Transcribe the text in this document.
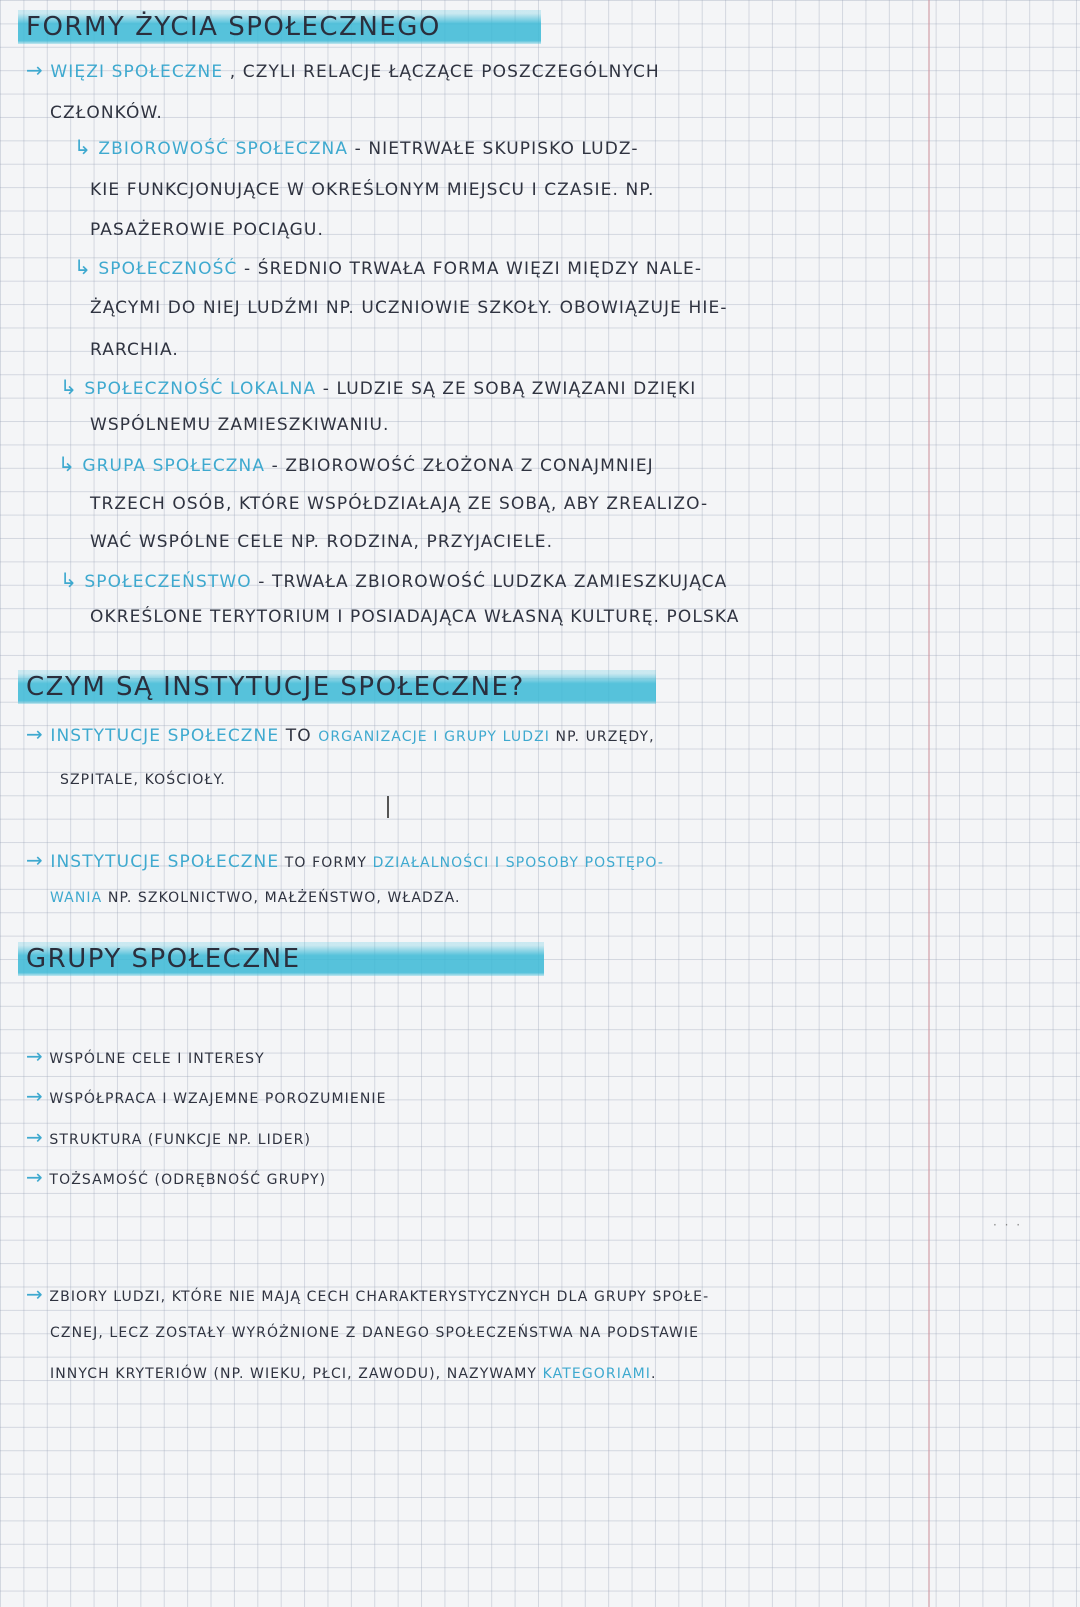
FORMY ŻYCIA SPOŁECZNEGO
→ WIĘZI SPOŁECZNE , CZYLI RELACJE ŁĄCZĄCE POSZCZEGÓLNYCH
CZŁONKÓW.
↳ ZBIOROWOŚĆ SPOŁECZNA - NIETRWAŁE SKUPISKO LUDZ-
KIE FUNKCJONUJĄCE W OKREŚLONYM MIEJSCU I CZASIE. NP.
PASAŻEROWIE POCIĄGU.
↳ SPOŁECZNOŚĆ - ŚREDNIO TRWAŁA FORMA WIĘZI MIĘDZY NALE-
ŻĄCYMI DO NIEJ LUDŹMI NP. UCZNIOWIE SZKOŁY. OBOWIĄZUJE HIE-
RARCHIA.
↳ SPOŁECZNOŚĆ LOKALNA - LUDZIE SĄ ZE SOBĄ ZWIĄZANI DZIĘKI
WSPÓLNEMU ZAMIESZKIWANIU.
↳ GRUPA SPOŁECZNA - ZBIOROWOŚĆ ZŁOŻONA Z CONAJMNIEJ
TRZECH OSÓB, KTÓRE WSPÓŁDZIAŁAJĄ ZE SOBĄ, ABY ZREALIZO-
WAĆ WSPÓLNE CELE NP. RODZINA, PRZYJACIELE.
↳ SPOŁECZEŃSTWO - TRWAŁA ZBIOROWOŚĆ LUDZKA ZAMIESZKUJĄCA
OKREŚLONE TERYTORIUM I POSIADAJĄCA WŁASNĄ KULTURĘ. POLSKA
CZYM SĄ INSTYTUCJE SPOŁECZNE?
→ INSTYTUCJE SPOŁECZNE TO ORGANIZACJE I GRUPY LUDZI NP. URZĘDY,
SZPITALE, KOŚCIOŁY.
→ INSTYTUCJE SPOŁECZNE TO FORMY DZIAŁALNOŚCI I SPOSOBY POSTĘPO-
WANIA NP. SZKOLNICTWO, MAŁŻEŃSTWO, WŁADZA.
GRUPY SPOŁECZNE
→ WSPÓLNE CELE I INTERESY
→ WSPÓŁPRACA I WZAJEMNE POROZUMIENIE
→ STRUKTURA (FUNKCJE NP. LIDER)
→ TOŻSAMOŚĆ (ODRĘBNOŚĆ GRUPY)
· · ·
→ ZBIORY LUDZI, KTÓRE NIE MAJĄ CECH CHARAKTERYSTYCZNYCH DLA GRUPY SPOŁE-
CZNEJ, LECZ ZOSTAŁY WYRÓŻNIONE Z DANEGO SPOŁECZEŃSTWA NA PODSTAWIE
INNYCH KRYTERIÓW (NP. WIEKU, PŁCI, ZAWODU), NAZYWAMY KATEGORIAMI.
